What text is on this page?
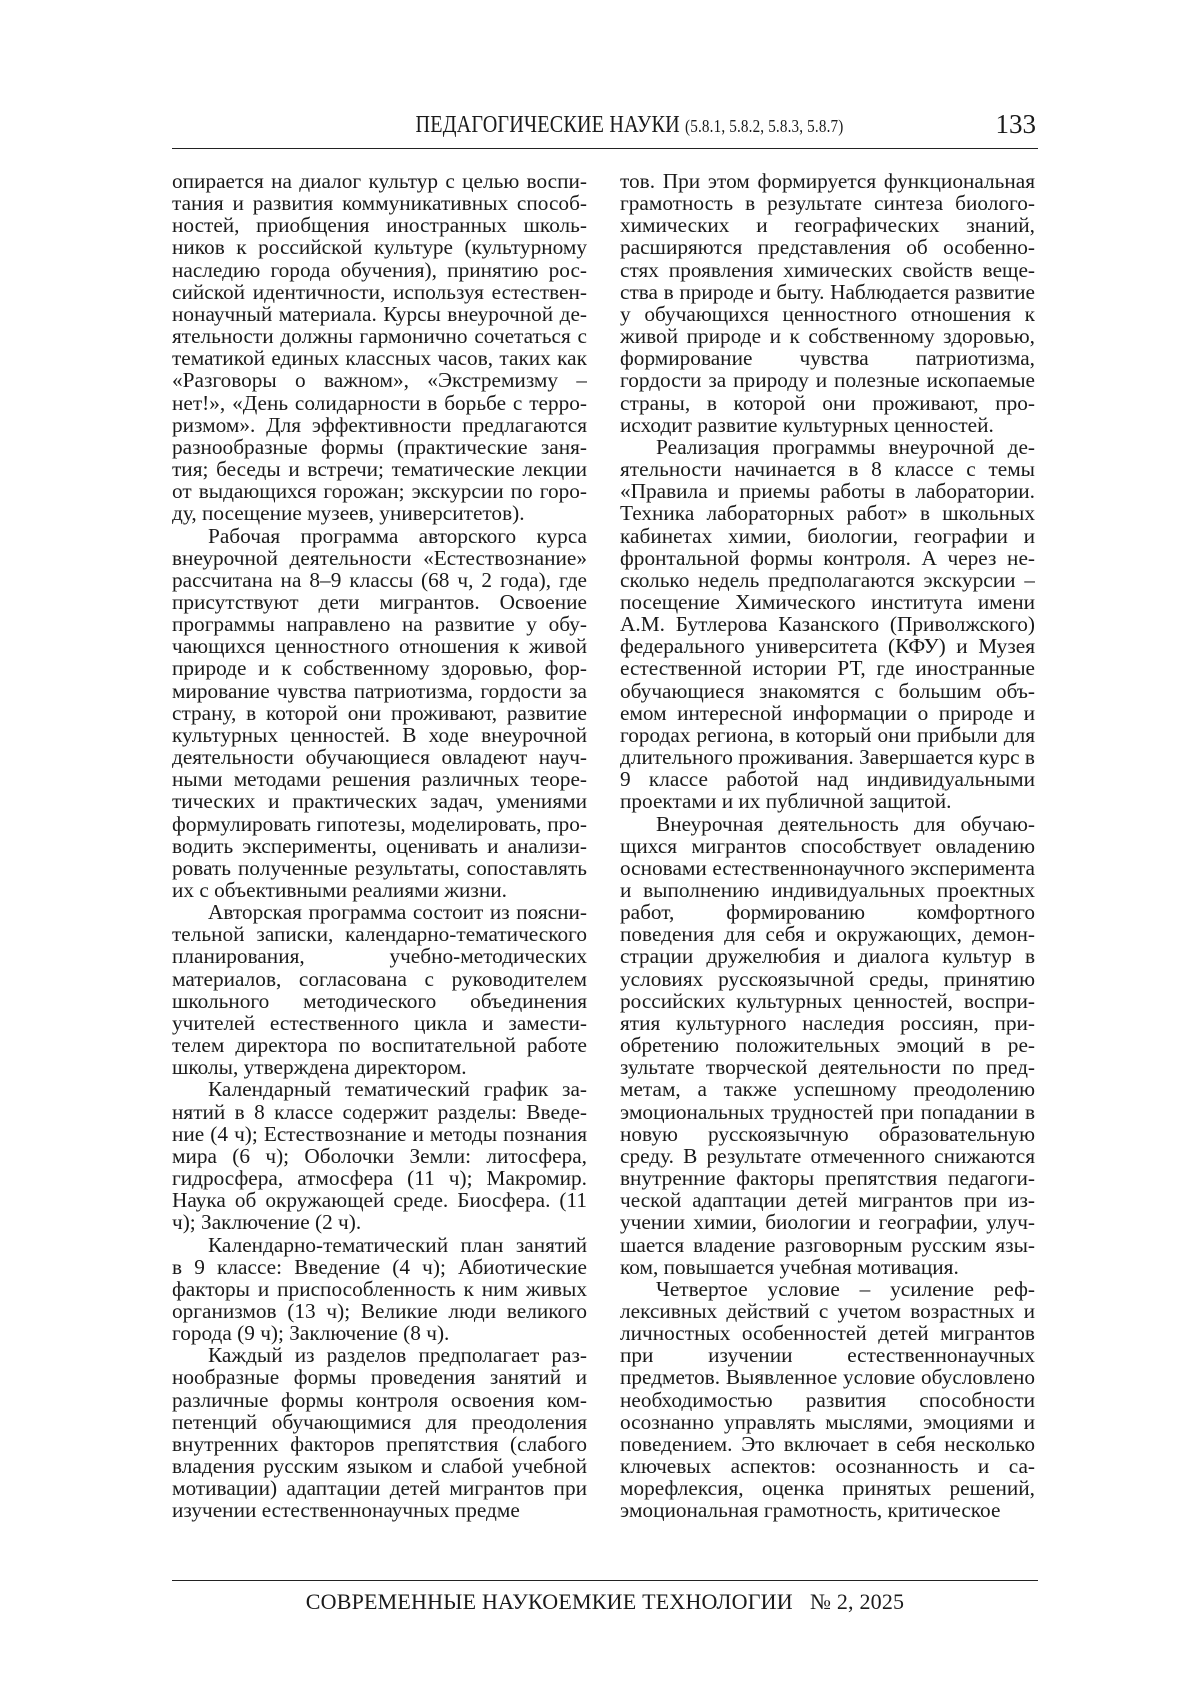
ПЕДАГОГИЧЕСКИЕ НАУКИ (5.8.1, 5.8.2, 5.8.3, 5.8.7)	133

опирается на диалог культур с целью воспитания и развития коммуникативных способностей, приобщения иностранных школьников к российской культуре (культурному наследию города обучения), принятию российской идентичности, используя естественнонаучный материала. Курсы внеурочной деятельности должны гармонично сочетаться с тематикой единых классных часов, таких как «Разговоры о важном», «Экстремизму – нет!», «День солидарности в борьбе с терроризмом». Для эффективности предлагаются разнообразные формы (практические занятия; беседы и встречи; тематические лекции от выдающихся горожан; экскурсии по городу, посещение музеев, университетов).

Рабочая программа авторского курса внеурочной деятельности «Естествознание» рассчитана на 8–9 классы (68 ч, 2 года), где присутствуют дети мигрантов. Освоение программы направлено на развитие у обучающихся ценностного отношения к живой природе и к собственному здоровью, формирование чувства патриотизма, гордости за страну, в которой они проживают, развитие культурных ценностей. В ходе внеурочной деятельности обучающиеся овладеют научными методами решения различных теоретических и практических задач, умениями формулировать гипотезы, моделировать, проводить эксперименты, оценивать и анализировать полученные результаты, сопоставлять их с объективными реалиями жизни.

Авторская программа состоит из пояснительной записки, календарно-тематического планирования, учебно-методических материалов, согласована с руководителем школьного методического объединения учителей естественного цикла и заместителем директора по воспитательной работе школы, утверждена директором.

Календарный тематический график занятий в 8 классе содержит разделы: Введение (4 ч); Естествознание и методы познания мира (6 ч); Оболочки Земли: литосфера, гидросфера, атмосфера (11 ч); Макромир. Наука об окружающей среде. Биосфера. (11 ч); Заключение (2 ч).

Календарно-тематический план занятий в 9 классе: Введение (4 ч); Абиотические факторы и приспособленность к ним живых организмов (13 ч); Великие люди великого города (9 ч); Заключение (8 ч).

Каждый из разделов предполагает разнообразные формы проведения занятий и различные формы контроля освоения компетенций обучающимися для преодоления внутренних факторов препятствия (слабого владения русским языком и слабой учебной мотивации) адаптации детей мигрантов при изучении естественнонаучных предме

тов. При этом формируется функциональная грамотность в результате синтеза биолого-химических и географических знаний, расширяются представления об особенностях проявления химических свойств вещества в природе и быту. Наблюдается развитие у обучающихся ценностного отношения к живой природе и к собственному здоровью, формирование чувства патриотизма, гордости за природу и полезные ископаемые страны, в которой они проживают, происходит развитие культурных ценностей.

Реализация программы внеурочной деятельности начинается в 8 классе с темы «Правила и приемы работы в лаборатории. Техника лабораторных работ» в школьных кабинетах химии, биологии, географии и фронтальной формы контроля. А через несколько недель предполагаются экскурсии – посещение Химического института имени А.М. Бутлерова Казанского (Приволжского) федерального университета (КФУ) и Музея естественной истории РТ, где иностранные обучающиеся знакомятся с большим объемом интересной информации о природе и городах региона, в который они прибыли для длительного проживания. Завершается курс в 9 классе работой над индивидуальными проектами и их публичной защитой.

Внеурочная деятельность для обучающихся мигрантов способствует овладению основами естественнонаучного эксперимента и выполнению индивидуальных проектных работ, формированию комфортного поведения для себя и окружающих, демонстрации дружелюбия и диалога культур в условиях русскоязычной среды, принятию российских культурных ценностей, восприятия культурного наследия россиян, приобретению положительных эмоций в результате творческой деятельности по предметам, а также успешному преодолению эмоциональных трудностей при попадании в новую русскоязычную образовательную среду. В результате отмеченного снижаются внутренние факторы препятствия педагогической адаптации детей мигрантов при изучении химии, биологии и географии, улучшается владение разговорным русским языком, повышается учебная мотивация.

Четвертое условие – усиление рефлексивных действий с учетом возрастных и личностных особенностей детей мигрантов при изучении естественнонаучных предметов. Выявленное условие обусловлено необходимостью развития способности осознанно управлять мыслями, эмоциями и поведением. Это включает в себя несколько ключевых аспектов: осознанность и саморефлексия, оценка принятых решений, эмоциональная грамотность, критическое

СОВРЕМЕННЫЕ НАУКОЕМКИЕ ТЕХНОЛОГИИ № 2, 2025
